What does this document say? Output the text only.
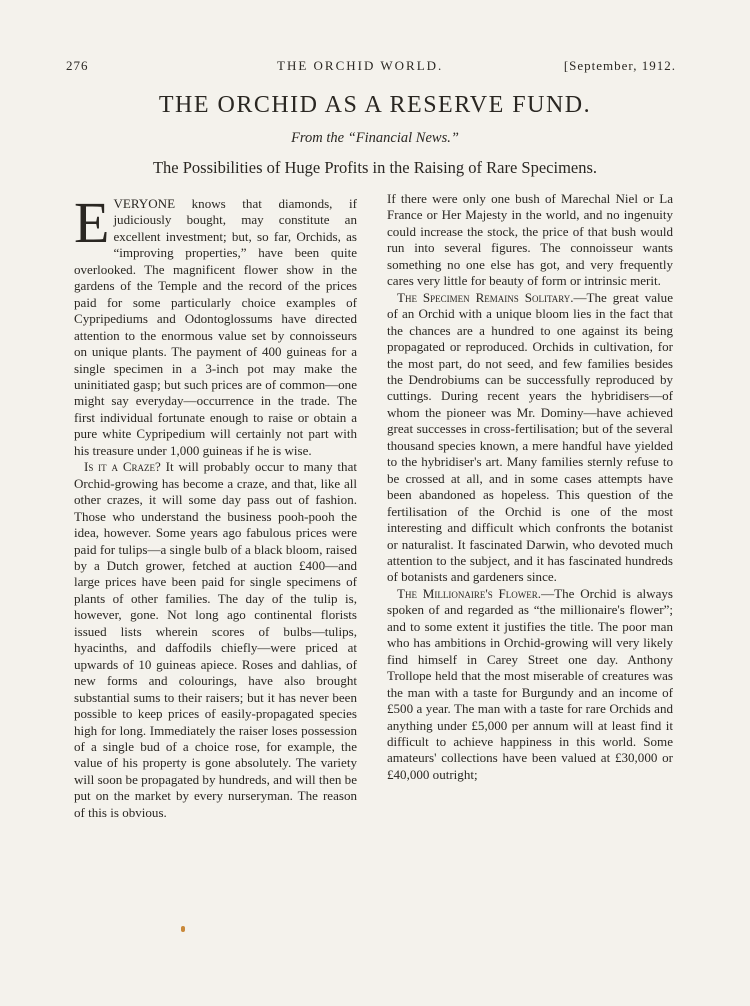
276	THE ORCHID WORLD.	[September, 1912.
THE ORCHID AS A RESERVE FUND.
From the “Financial News.”
The Possibilities of Huge Profits in the Raising of Rare Specimens.

EVERYONE knows that diamonds, if judiciously bought, may constitute an excellent investment; but, so far, Orchids, as “improving properties,” have been quite overlooked. The magnificent flower show in the gardens of the Temple and the record of the prices paid for some particularly choice examples of Cypripediums and Odontoglossums have directed attention to the enormous value set by connoisseurs on unique plants. The payment of 400 guineas for a single specimen in a 3-inch pot may make the uninitiated gasp; but such prices are of common—one might say everyday—occurrence in the trade. The first individual fortunate enough to raise or obtain a pure white Cypripedium will certainly not part with his treasure under 1,000 guineas if he is wise.

Is it a Craze? It will probably occur to many that Orchid-growing has become a craze, and that, like all other crazes, it will some day pass out of fashion. Those who understand the business pooh-pooh the idea, however. Some years ago fabulous prices were paid for tulips—a single bulb of a black bloom, raised by a Dutch grower, fetched at auction £400—and large prices have been paid for single specimens of plants of other families. The day of the tulip is, however, gone. Not long ago continental florists issued lists wherein scores of bulbs—tulips, hyacinths, and daffodils chiefly—were priced at upwards of 10 guineas apiece. Roses and dahlias, of new forms and colourings, have also brought substantial sums to their raisers; but it has never been possible to keep prices of easily-propagated species high for long. Immediately the raiser loses possession of a single bud of a choice rose, for example, the value of his property is gone absolutely. The variety will soon be propagated by hundreds, and will then be put on the market by every nurseryman. The reason of this is obvious.

If there were only one bush of Marechal Niel or La France or Her Majesty in the world, and no ingenuity could increase the stock, the price of that bush would run into several figures. The connoisseur wants something no one else has got, and very frequently cares very little for beauty of form or intrinsic merit.

The Specimen Remains Solitary.—The great value of an Orchid with a unique bloom lies in the fact that the chances are a hundred to one against its being propagated or reproduced. Orchids in cultivation, for the most part, do not seed, and few families besides the Dendrobiums can be successfully reproduced by cuttings. During recent years the hybridisers—of whom the pioneer was Mr. Dominy—have achieved great successes in cross-fertilisation; but of the several thousand species known, a mere handful have yielded to the hybridiser's art. Many families sternly refuse to be crossed at all, and in some cases attempts have been abandoned as hopeless. This question of the fertilisation of the Orchid is one of the most interesting and difficult which confronts the botanist or naturalist. It fascinated Darwin, who devoted much attention to the subject, and it has fascinated hundreds of botanists and gardeners since.

The Millionaire's Flower.—The Orchid is always spoken of and regarded as “the millionaire's flower”; and to some extent it justifies the title. The poor man who has ambitions in Orchid-growing will very likely find himself in Carey Street one day. Anthony Trollope held that the most miserable of creatures was the man with a taste for Burgundy and an income of £500 a year. The man with a taste for rare Orchids and anything under £5,000 per annum will at least find it difficult to achieve happiness in this world. Some amateurs' collections have been valued at £30,000 or £40,000 outright;
